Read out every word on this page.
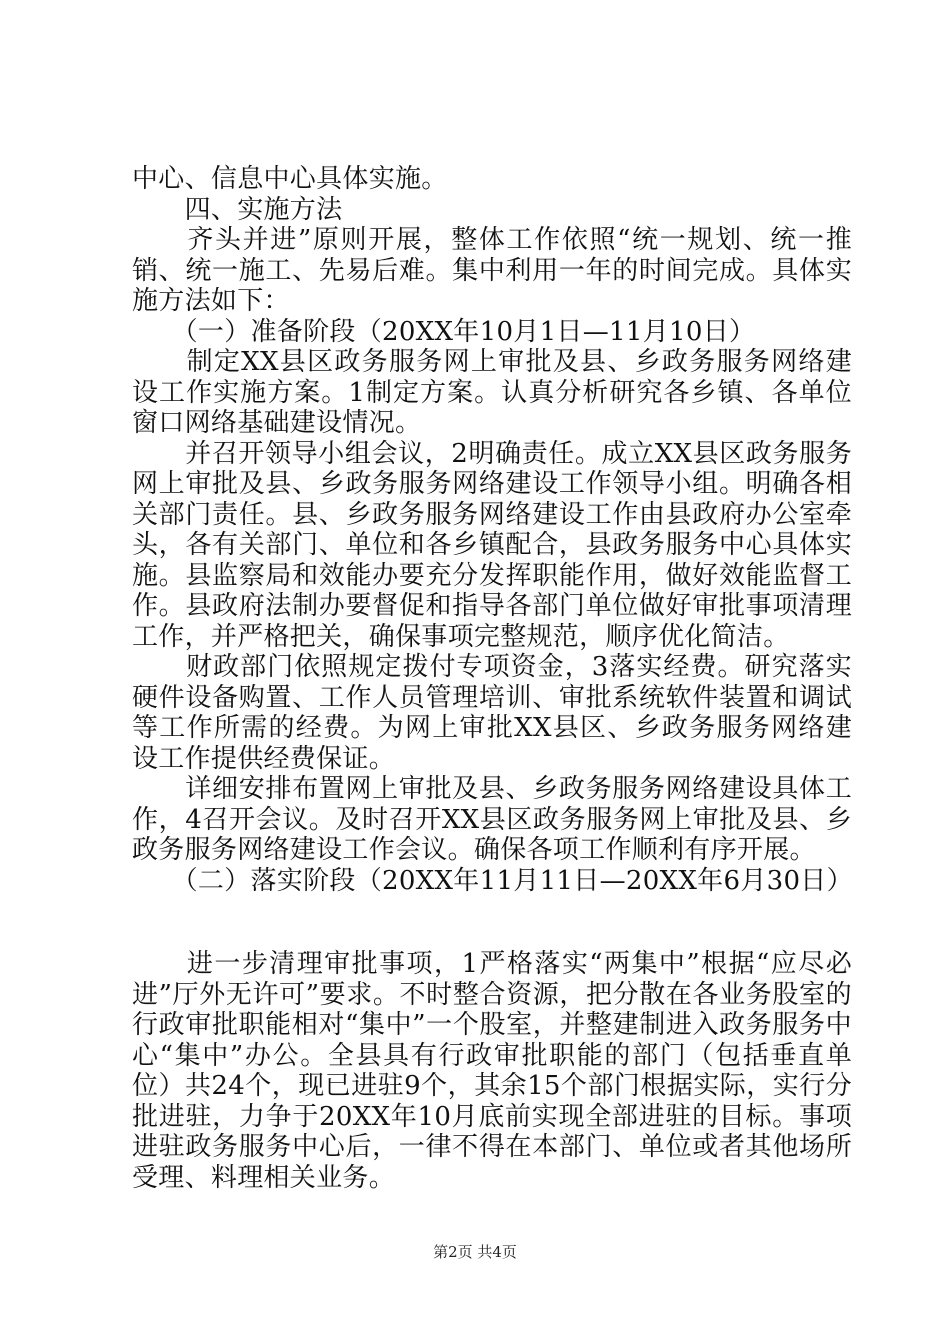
中心、信息中心具体实施。

　　四、实施方法

　　齐头并进”原则开展，整体工作依照“统一规划、统一推销、统一施工、先易后难。集中利用一年的时间完成。具体实施方法如下：

　　（一）准备阶段（20XX年10月1日—11月10日）

　　制定XX县区政务服务网上审批及县、乡政务服务网络建设工作实施方案。1制定方案。认真分析研究各乡镇、各单位窗口网络基础建设情况。

　　并召开领导小组会议，2明确责任。成立XX县区政务服务网上审批及县、乡政务服务网络建设工作领导小组。明确各相关部门责任。县、乡政务服务网络建设工作由县政府办公室牵头，各有关部门、单位和各乡镇配合，县政务服务中心具体实施。县监察局和效能办要充分发挥职能作用，做好效能监督工作。县政府法制办要督促和指导各部门单位做好审批事项清理工作，并严格把关，确保事项完整规范，顺序优化简洁。

　　财政部门依照规定拨付专项资金，3落实经费。研究落实硬件设备购置、工作人员管理培训、审批系统软件装置和调试等工作所需的经费。为网上审批XX县区、乡政务服务网络建设工作提供经费保证。

　　详细安排布置网上审批及县、乡政务服务网络建设具体工作，4召开会议。及时召开XX县区政务服务网上审批及县、乡政务服务网络建设工作会议。确保各项工作顺利有序开展。

　　（二）落实阶段（20XX年11月11日—20XX年6月30日）

　　进一步清理审批事项，1严格落实“两集中”根据“应尽必进”厅外无许可”要求。不时整合资源，把分散在各业务股室的行政审批职能相对“集中”一个股室，并整建制进入政务服务中心“集中”办公。全县具有行政审批职能的部门（包括垂直单位）共24个，现已进驻9个，其余15个部门根据实际，实行分批进驻，力争于20XX年10月底前实现全部进驻的目标。事项进驻政务服务中心后，一律不得在本部门、单位或者其他场所受理、料理相关业务。

第2页 共4页
